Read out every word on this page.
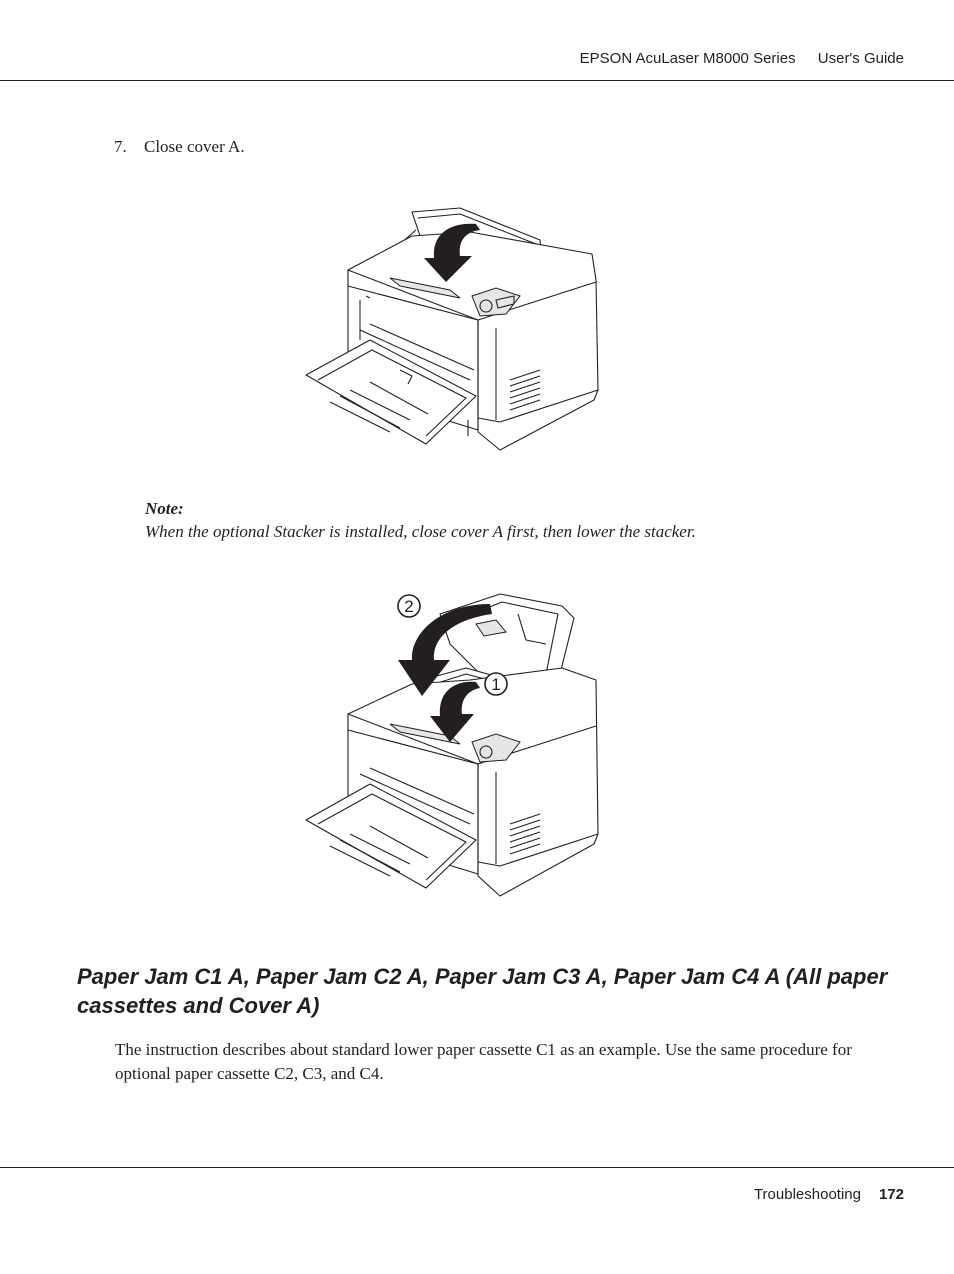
EPSON AcuLaser M8000 Series User's Guide
7. Close cover A.
Note:
When the optional Stacker is installed, close cover A first, then lower the stacker.
2
1
Paper Jam C1 A, Paper Jam C2 A, Paper Jam C3 A, Paper Jam C4 A (All paper cassettes and Cover A)
The instruction describes about standard lower paper cassette C1 as an example. Use the same procedure for optional paper cassette C2, C3, and C4.
Troubleshooting 172
